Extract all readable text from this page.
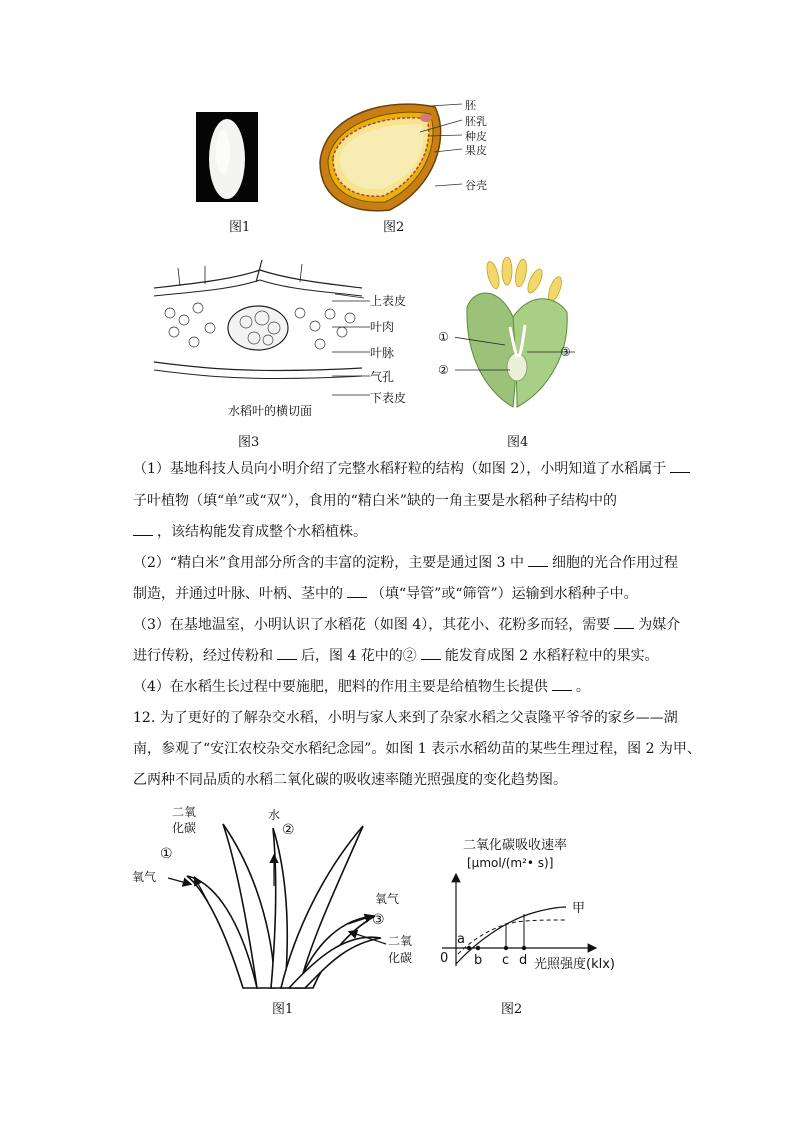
图1
胚
胚乳
种皮
果皮
谷壳
图2
上表皮
叶肉
叶脉
气孔
下表皮
水稻叶的横切面
图3
①
②
③
图4
（1）基地科技人员向小明介绍了完整水稻籽粒的结构（如图 2），小明知道了水稻属于
子叶植物（填“单”或“双”），食用的“精白米”缺的一角主要是水稻种子结构中的
，该结构能发育成整个水稻植株。
（2）“精白米”食用部分所含的丰富的淀粉，主要是通过图 3 中 细胞的光合作用过程
制造，并通过叶脉、叶柄、茎中的 （填“导管”或“筛管”）运输到水稻种子中。
（3）在基地温室，小明认识了水稻花（如图 4），其花小、花粉多而轻，需要 为媒介
进行传粉，经过传粉和 后，图 4 花中的② 能发育成图 2 水稻籽粒中的果实。
（4）在水稻生长过程中要施肥，肥料的作用主要是给植物生长提供 。
12. 为了更好的了解杂交水稻，小明与家人来到了杂家水稻之父袁隆平爷爷的家乡——湖
南，参观了“安江农校杂交水稻纪念园”。如图 1 表示水稻幼苗的某些生理过程，图 2 为甲、
乙两种不同品质的水稻二氧化碳的吸收速率随光照强度的变化趋势图。
二氧
化碳
水
①
②
氧气
氧气
③
二氧
化碳
图1
二氧化碳吸收速率
[μmol/(m²• s)]
甲
0
a
b c d 光照强度(klx)
图2
